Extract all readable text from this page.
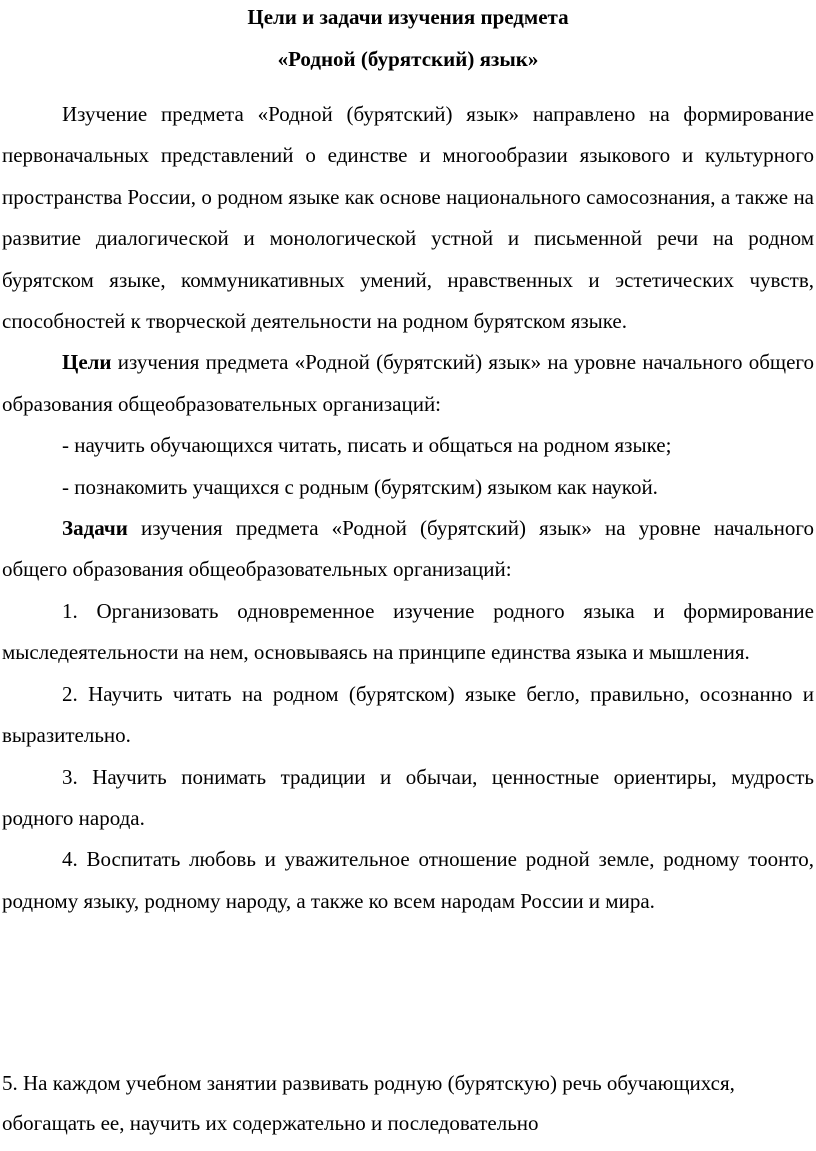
Цели и задачи изучения предмета
«Родной (бурятский) язык»

Изучение предмета «Родной (бурятский) язык» направлено на формирование первоначальных представлений о единстве и многообразии языкового и культурного пространства России, о родном языке как основе национального самосознания, а также на развитие диалогической и монологической устной и письменной речи на родном бурятском языке, коммуникативных умений, нравственных и эстетических чувств, способностей к творческой деятельности на родном бурятском языке.

Цели изучения предмета «Родной (бурятский) язык» на уровне начального общего образования общеобразовательных организаций:

- научить обучающихся читать, писать и общаться на родном языке;

- познакомить учащихся с родным (бурятским) языком как наукой.

Задачи изучения предмета «Родной (бурятский) язык» на уровне начального общего образования общеобразовательных организаций:

1. Организовать одновременное изучение родного языка и формирование мыследеятельности на нем, основываясь на принципе единства языка и мышления.

2. Научить читать на родном (бурятском) языке бегло, правильно, осознанно и выразительно.

3. Научить понимать традиции и обычаи, ценностные ориентиры, мудрость родного народа.

4. Воспитать любовь и уважительное отношение родной земле, родному тоонто, родному языку, родному народу, а также ко всем народам России и мира.

5. На каждом учебном занятии развивать родную (бурятскую) речь обучающихся, обогащать ее, научить их содержательно и последовательно
